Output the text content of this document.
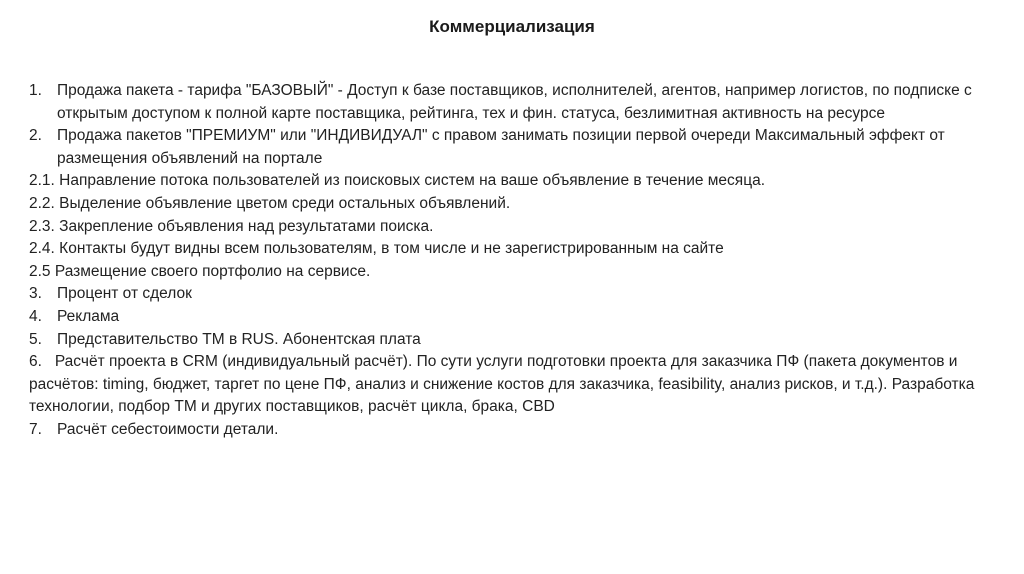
Коммерциализация
1. Продажа пакета - тарифа "БАЗОВЫЙ" - Доступ к базе поставщиков, исполнителей, агентов, например логистов, по подписке с открытым доступом к полной карте поставщика, рейтинга, тех и фин. статуса, безлимитная активность на ресурсе
2. Продажа пакетов "ПРЕМИУМ" или "ИНДИВИДУАЛ" с правом занимать позиции первой очереди Максимальный эффект от размещения объявлений на портале
2.1. Направление потока пользователей из поисковых систем на ваше объявление в течение месяца.
2.2. Выделение объявление цветом среди остальных объявлений.
2.3. Закрепление объявления над результатами поиска.
2.4. Контакты будут видны всем пользователям, в том числе и не зарегистрированным на сайте
2.5 Размещение своего портфолио на сервисе.
3. Процент от сделок
4. Реклама
5. Представительство ТМ в RUS. Абонентская плата
6. Расчёт проекта в CRM (индивидуальный расчёт). По сути услуги подготовки проекта для заказчика ПФ (пакета документов и расчётов: timing, бюджет, таргет по цене ПФ, анализ и снижение костов для заказчика, feasibility, анализ рисков, и т.д.). Разработка технологии, подбор ТМ и других поставщиков, расчёт цикла, брака, CBD
7. Расчёт себестоимости детали.
